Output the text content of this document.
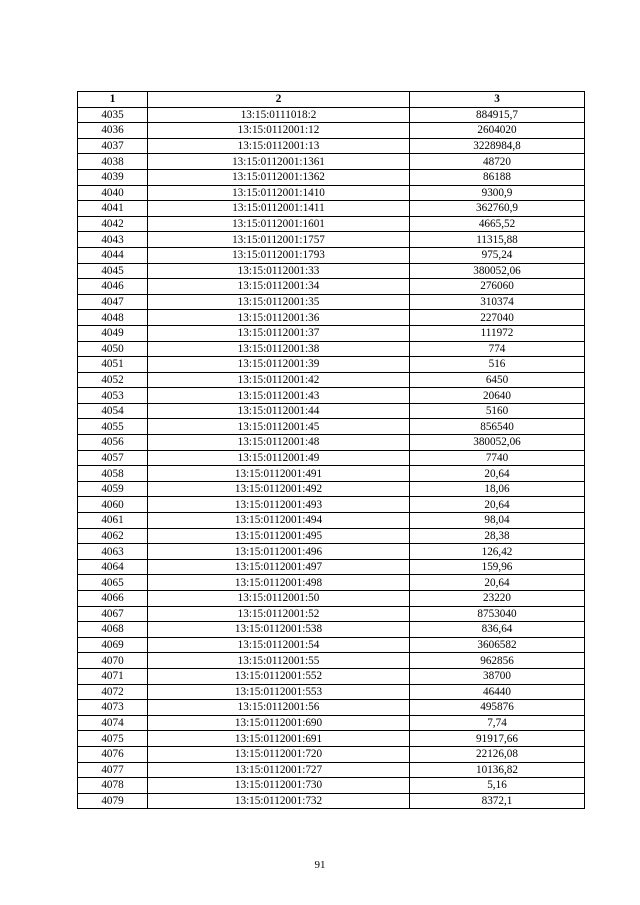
1	2	3
4035	13:15:0111018:2	884915,7
4036	13:15:0112001:12	2604020
4037	13:15:0112001:13	3228984,8
4038	13:15:0112001:1361	48720
4039	13:15:0112001:1362	86188
4040	13:15:0112001:1410	9300,9
4041	13:15:0112001:1411	362760,9
4042	13:15:0112001:1601	4665,52
4043	13:15:0112001:1757	11315,88
4044	13:15:0112001:1793	975,24
4045	13:15:0112001:33	380052,06
4046	13:15:0112001:34	276060
4047	13:15:0112001:35	310374
4048	13:15:0112001:36	227040
4049	13:15:0112001:37	111972
4050	13:15:0112001:38	774
4051	13:15:0112001:39	516
4052	13:15:0112001:42	6450
4053	13:15:0112001:43	20640
4054	13:15:0112001:44	5160
4055	13:15:0112001:45	856540
4056	13:15:0112001:48	380052,06
4057	13:15:0112001:49	7740
4058	13:15:0112001:491	20,64
4059	13:15:0112001:492	18,06
4060	13:15:0112001:493	20,64
4061	13:15:0112001:494	98,04
4062	13:15:0112001:495	28,38
4063	13:15:0112001:496	126,42
4064	13:15:0112001:497	159,96
4065	13:15:0112001:498	20,64
4066	13:15:0112001:50	23220
4067	13:15:0112001:52	8753040
4068	13:15:0112001:538	836,64
4069	13:15:0112001:54	3606582
4070	13:15:0112001:55	962856
4071	13:15:0112001:552	38700
4072	13:15:0112001:553	46440
4073	13:15:0112001:56	495876
4074	13:15:0112001:690	7,74
4075	13:15:0112001:691	91917,66
4076	13:15:0112001:720	22126,08
4077	13:15:0112001:727	10136,82
4078	13:15:0112001:730	5,16
4079	13:15:0112001:732	8372,1
91
